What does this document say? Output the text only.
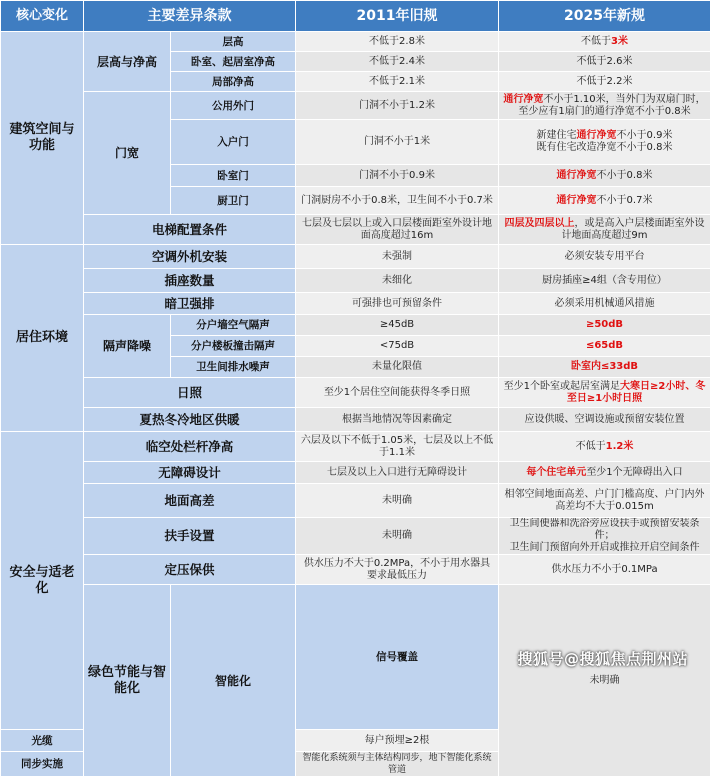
核心变化	主要差异条款		2011年旧规	2025年新规	
建筑空间与功能	层高与净高	层高	不低于2.8米	不低于3米	
		卧室、起居室净高	不低于2.4米	不低于2.6米	
		局部净高	不低于2.1米	不低于2.2米	
	门宽	公用外门	门洞不小于1.2米	通行净宽不小于1.10米，当外门为双扇门时，至少应有1扇门的通行净宽不小于0.8米	
		入户门	门洞不小于1米	新建住宅通行净宽不小于0.9米
既有住宅改造净宽不小于0.8米	
		卧室门	门洞不小于0.9米	通行净宽不小于0.8米	
		厨卫门	门洞厨房不小于0.8米，卫生间不小于0.7米	通行净宽不小于0.7米	
	电梯配置条件		七层及七层以上或入口层楼面距室外设计地面高度超过16m	四层及四层以上，或是高入户层楼面距室外设计地面高度超过9m	
居住环境	空调外机安装		未强制	必须安装专用平台	
	插座数量		未细化	厨房插座≥4组（含专用位）	
	暗卫强排		可强排也可预留条件	必须采用机械通风措施	
	隔声降噪	分户墙空气隔声	≥45dB	≥50dB	
		分户楼板撞击隔声	<75dB	≤65dB	
		卫生间排水噪声	未量化限值	卧室内≤33dB	
	日照		至少1个居住空间能获得冬季日照	至少1个卧室或起居室满足大寒日≥2小时、冬至日≥1小时日照	
	夏热冬冷地区供暖		根据当地情况等因素确定	应设供暖、空调设施或预留安装位置	
安全与适老化	临空处栏杆净高		六层及以下不低于1.05米，七层及以上不低于1.1米	不低于1.2米	
	无障碍设计		七层及以上入口进行无障碍设计	每个住宅单元至少1个无障碍出入口	
	地面高差		未明确	相邻空间地面高差、户门门槛高度、户门内外高差均不大于0.015m	
	扶手设置		未明确	卫生间便器和洗浴旁应设扶手或预留安装条件；
卫生间门预留向外开启或推拉开启空间条件	
	定压保供		供水压力不大于0.2MPa，不小于用水器具要求最低压力	供水压力不小于0.1MPa	
	绿色节能与智能化	智能化	信号覆盖	未明确	
光缆			每户预埋≥2根		
同步实施			智能化系统须与主体结构同步，地下智能化系统管道		
搜狐号@搜狐焦点荆州站
